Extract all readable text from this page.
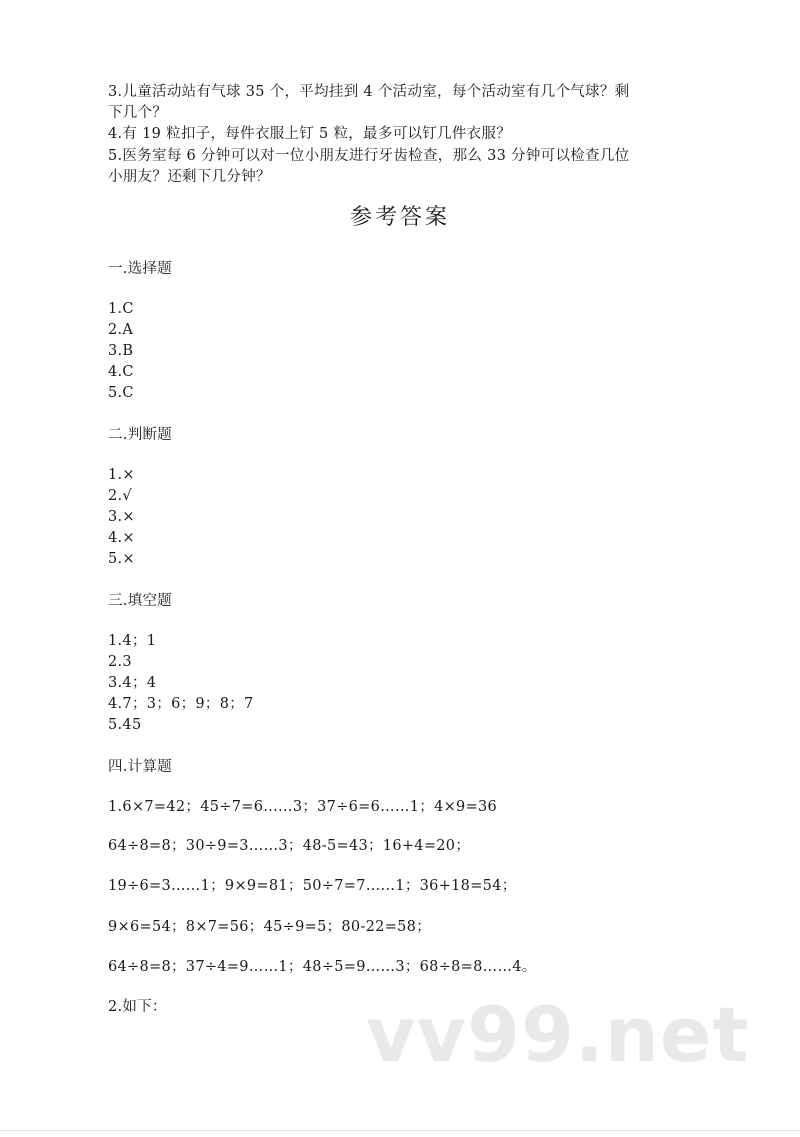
3.儿童活动站有气球 35 个，平均挂到 4 个活动室，每个活动室有几个气球？剩
下几个？
4.有 19 粒扣子，每件衣服上钉 5 粒，最多可以钉几件衣服？
5.医务室每 6 分钟可以对一位小朋友进行牙齿检查，那么 33 分钟可以检查几位
小朋友？还剩下几分钟？
参考答案
一.选择题
1.C
2.A
3.B
4.C
5.C
二.判断题
1.×
2.√
3.×
4.×
5.×
三.填空题
1.4；1
2.3
3.4；4
4.7；3；6；9；8；7
5.45
四.计算题
1.6×7=42；45÷7=6……3；37÷6=6……1；4×9=36
64÷8=8；30÷9=3……3；48-5=43；16+4=20；
19÷6=3……1；9×9=81；50÷7=7……1；36+18=54；
9×6=54；8×7=56；45÷9=5；80-22=58；
64÷8=8；37÷4=9……1；48÷5=9……3；68÷8=8……4。
2.如下：	vv99.net
